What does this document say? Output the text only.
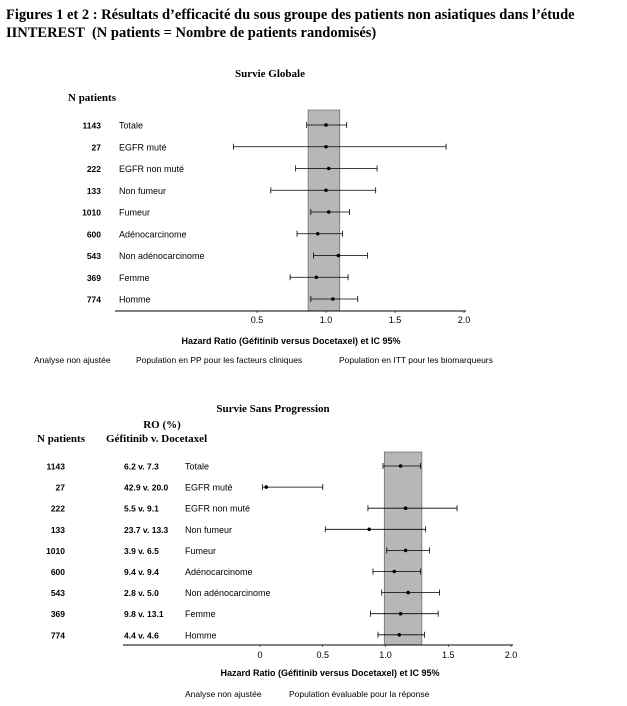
Figures 1 et 2 : Résultats d’efficacité du sous groupe des patients non asiatiques dans l’étude
IINTEREST  (N patients = Nombre de patients randomisés)
Survie Globale
N patients
Hazard Ratio (Géfitinib versus Docetaxel) et IC 95%
Analyse non ajustée	Population en PP pour les facteurs cliniques	Population en ITT pour les biomarqueurs
Survie Sans Progression
RO (%)
N patients Géfitinib v. Docetaxel
Hazard Ratio (Géfitinib versus Docetaxel) et IC 95%
Analyse non ajustée	Population évaluable pour la réponse
0.5	1.0	1.5	2.0
1143 Totale
27 EGFR muté
222 EGFR non muté
133 Non fumeur
1010 Fumeur
600 Adénocarcinome
543 Non adénocarcinome
369 Femme
774 Homme
0	0.5	1.0	1.5	2.0
1143	6.2 v. 7.3	Totale
27	42.9 v. 20.0 EGFR muté
222	5.5 v. 9.1	EGFR non muté
133	23.7 v. 13.3 Non fumeur
1010	3.9 v. 6.5	Fumeur
600	9.4 v. 9.4	Adénocarcinome
543	2.8 v. 5.0	Non adénocarcinome
369	9.8 v. 13.1 Femme
774	4.4 v. 4.6	Homme
